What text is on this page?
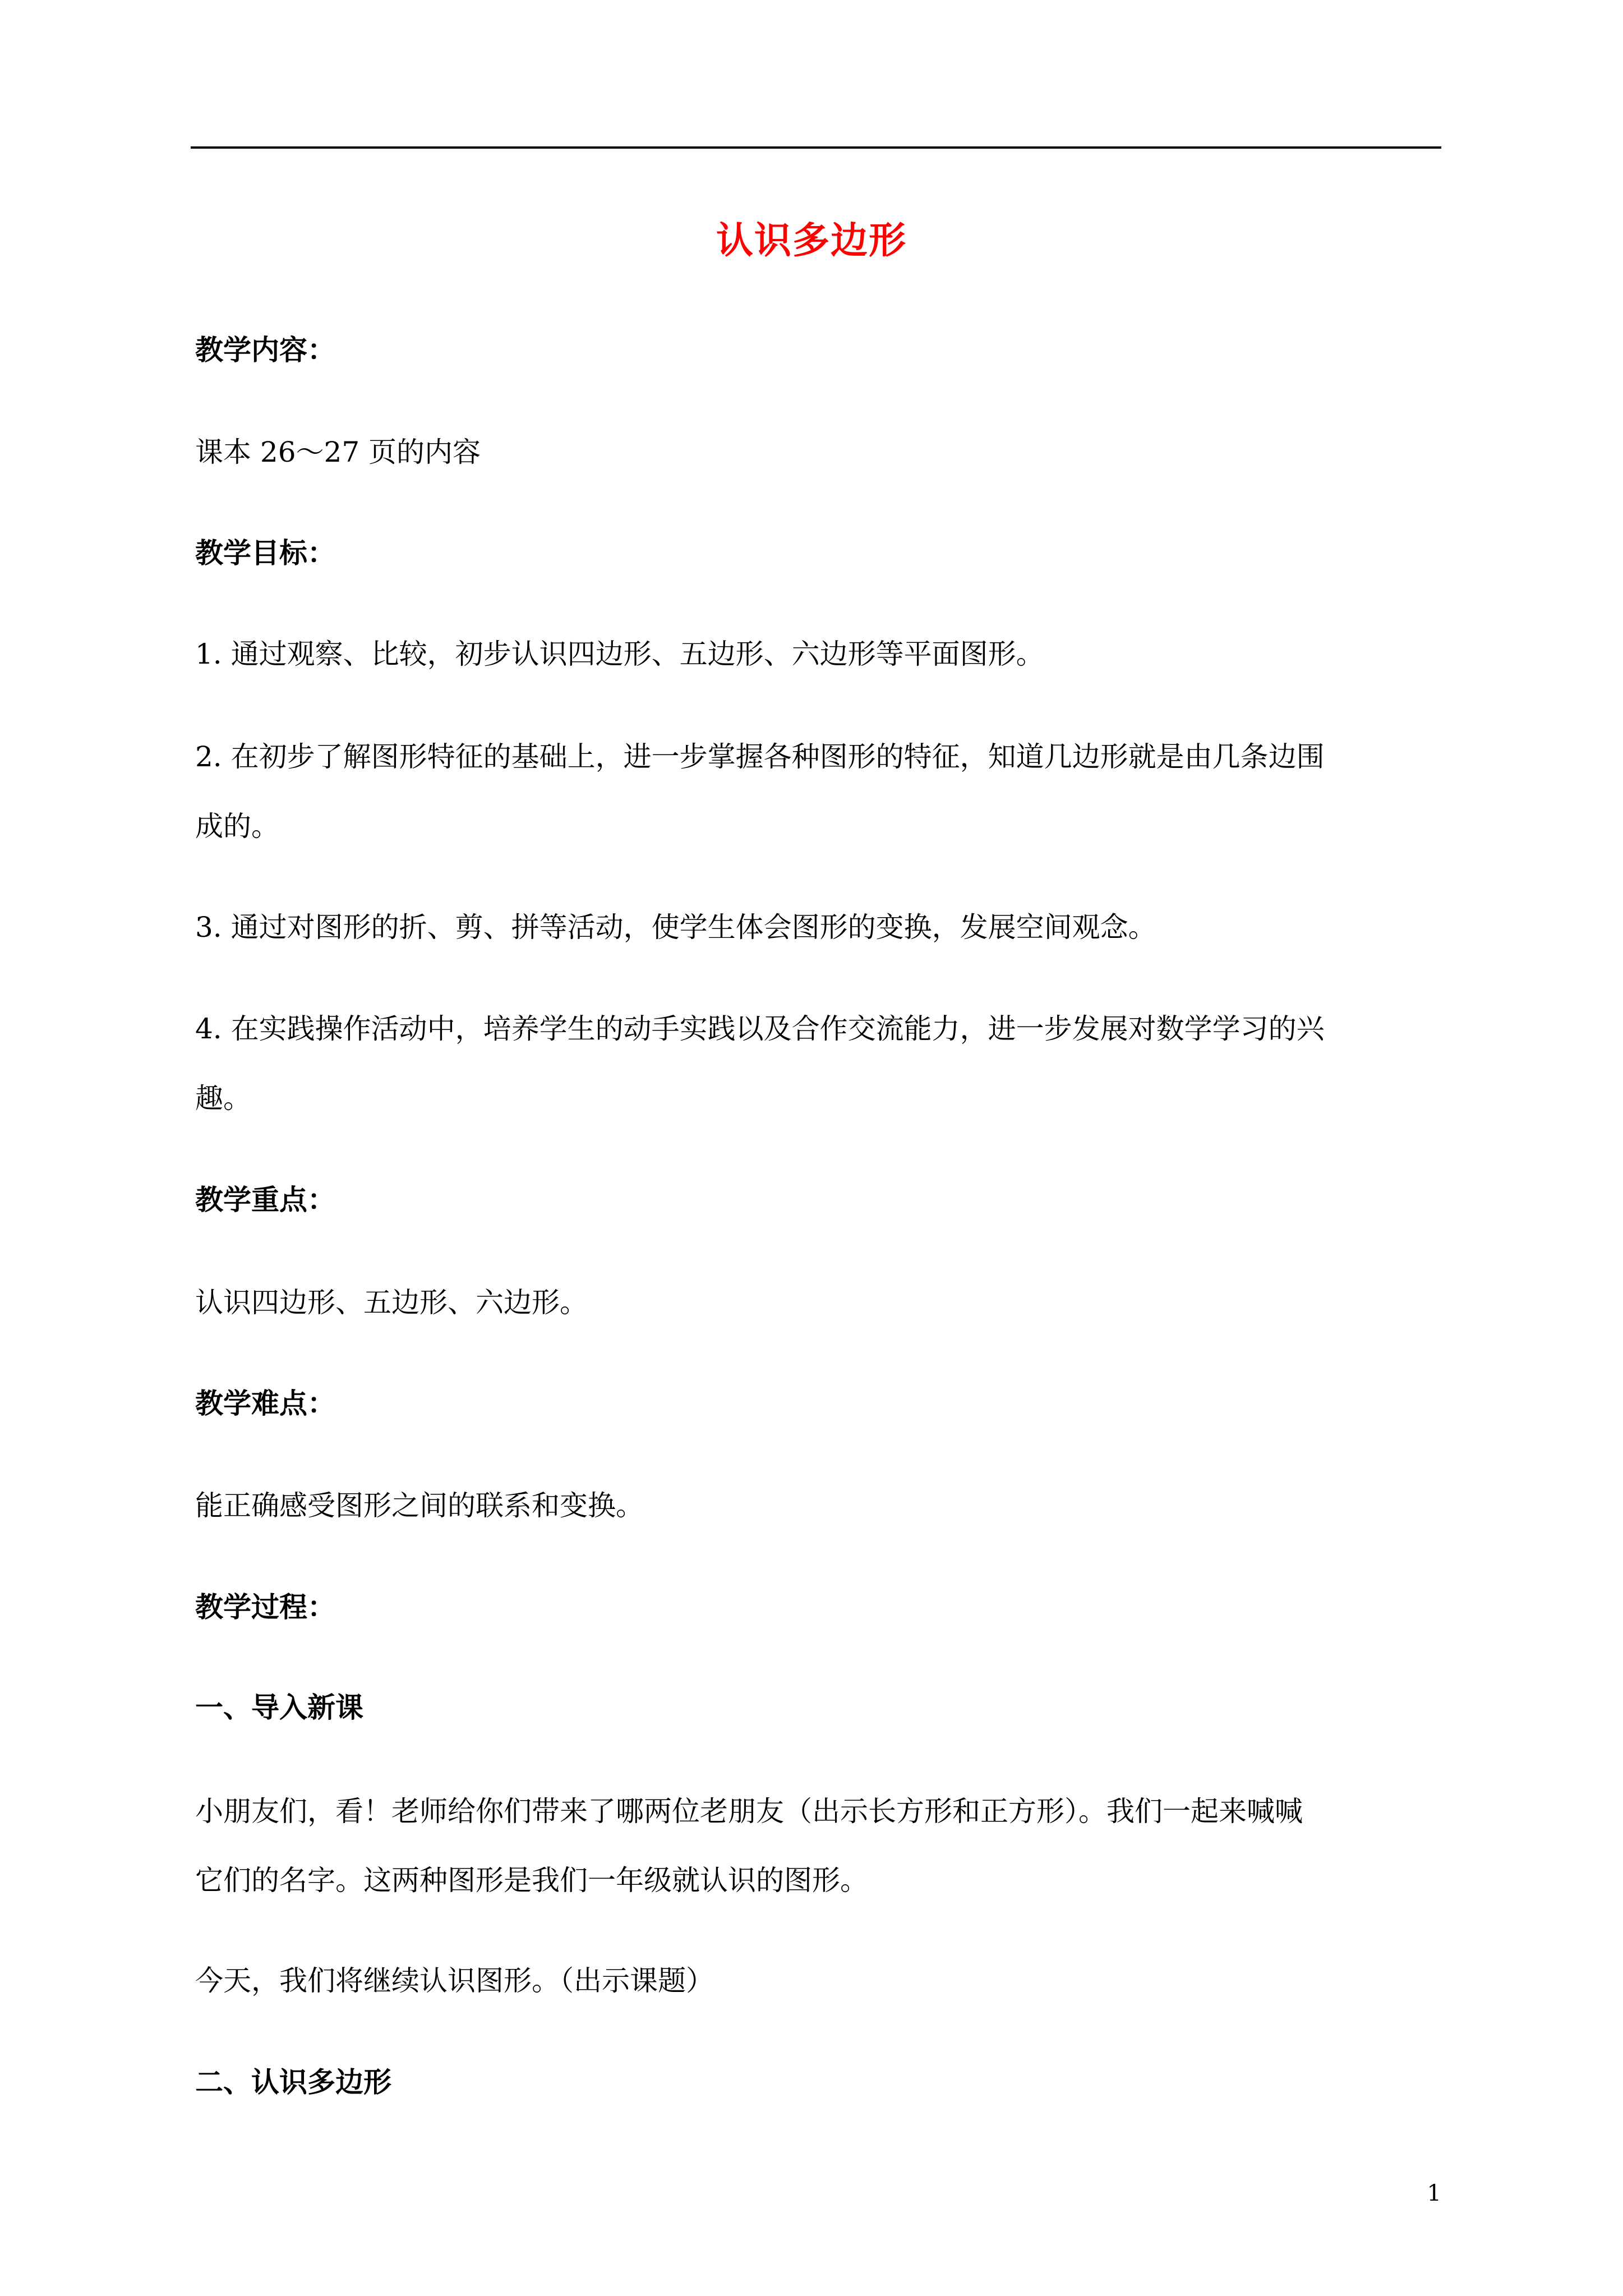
认识多边形
教学内容：
课本 26～27 页的内容
教学目标：
1. 通过观察、比较，初步认识四边形、五边形、六边形等平面图形。
2. 在初步了解图形特征的基础上，进一步掌握各种图形的特征，知道几边形就是由几条边围
成的。
3. 通过对图形的折、剪、拼等活动，使学生体会图形的变换，发展空间观念。
4. 在实践操作活动中，培养学生的动手实践以及合作交流能力，进一步发展对数学学习的兴
趣。
教学重点：
认识四边形、五边形、六边形。
教学难点：
能正确感受图形之间的联系和变换。
教学过程：
一、导入新课
小朋友们，看！老师给你们带来了哪两位老朋友（出示长方形和正方形）。我们一起来喊喊
它们的名字。这两种图形是我们一年级就认识的图形。
今天，我们将继续认识图形。（出示课题）
二、认识多边形
1
